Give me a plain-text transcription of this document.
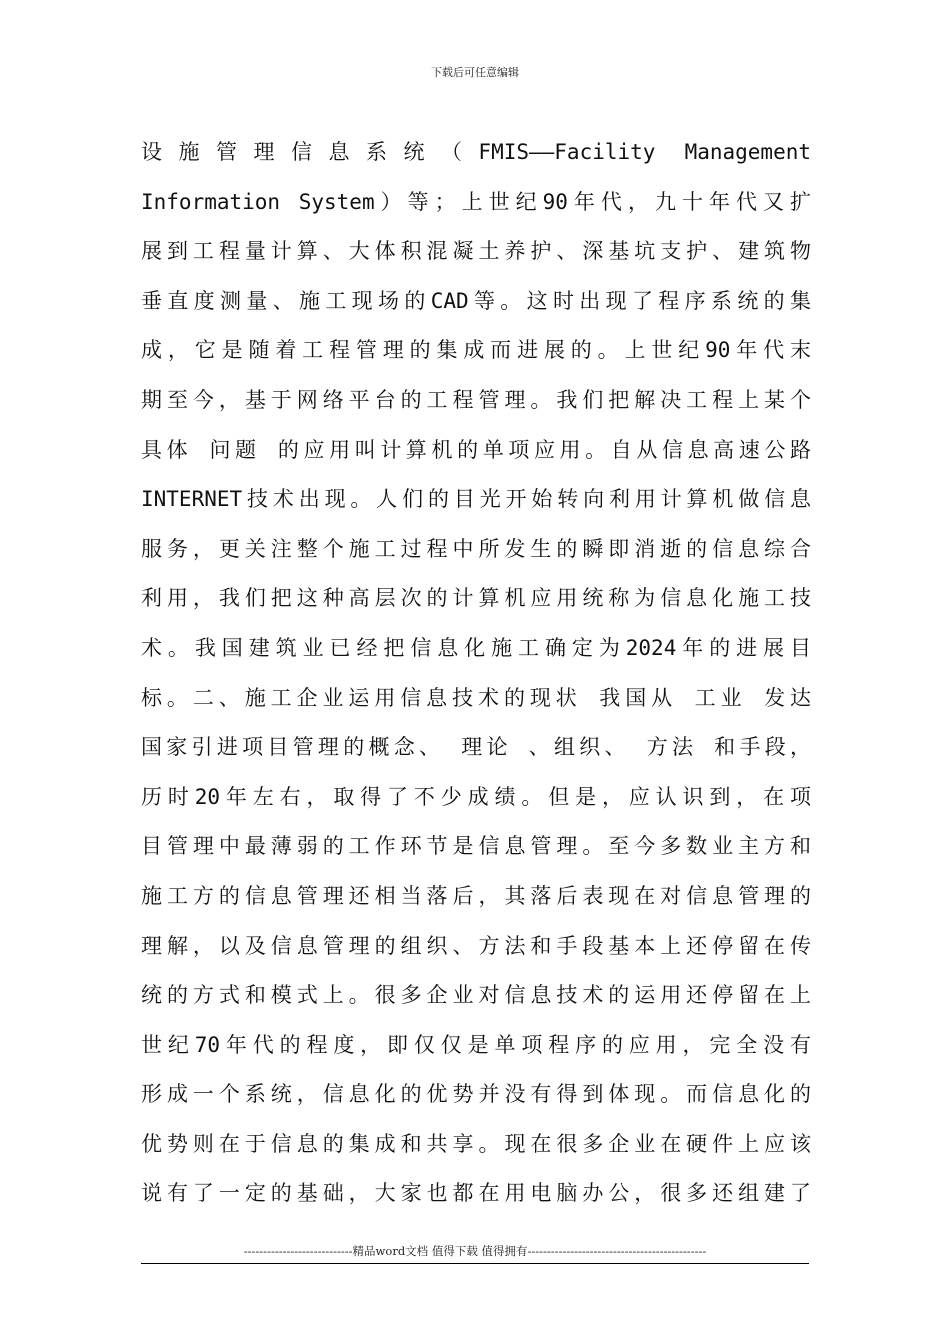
下载后可任意编辑
设施管理信息系统（FMIS——Facility Management
Information System）等；上世纪90年代，九十年代又扩
展到工程量计算、大体积混凝土养护、深基坑支护、建筑物
垂直度测量、施工现场的CAD等。这时出现了程序系统的集
成，它是随着工程管理的集成而进展的。上世纪90年代末
期至今，基于网络平台的工程管理。我们把解决工程上某个
具体 问题 的应用叫计算机的单项应用。自从信息高速公路
INTERNET技术出现。人们的目光开始转向利用计算机做信息
服务，更关注整个施工过程中所发生的瞬即消逝的信息综合
利用，我们把这种高层次的计算机应用统称为信息化施工技
术。我国建筑业已经把信息化施工确定为2024年的进展目
标。二、施工企业运用信息技术的现状 我国从 工业 发达
国家引进项目管理的概念、 理论 、组织、 方法 和手段，
历时20年左右，取得了不少成绩。但是，应认识到，在项
目管理中最薄弱的工作环节是信息管理。至今多数业主方和
施工方的信息管理还相当落后，其落后表现在对信息管理的
理解，以及信息管理的组织、方法和手段基本上还停留在传
统的方式和模式上。很多企业对信息技术的运用还停留在上
世纪70年代的程度，即仅仅是单项程序的应用，完全没有
形成一个系统，信息化的优势并没有得到体现。而信息化的
优势则在于信息的集成和共享。现在很多企业在硬件上应该
说有了一定的基础，大家也都在用电脑办公，很多还组建了
----------------------------精品word文档 值得下载 值得拥有----------------------------------------------
